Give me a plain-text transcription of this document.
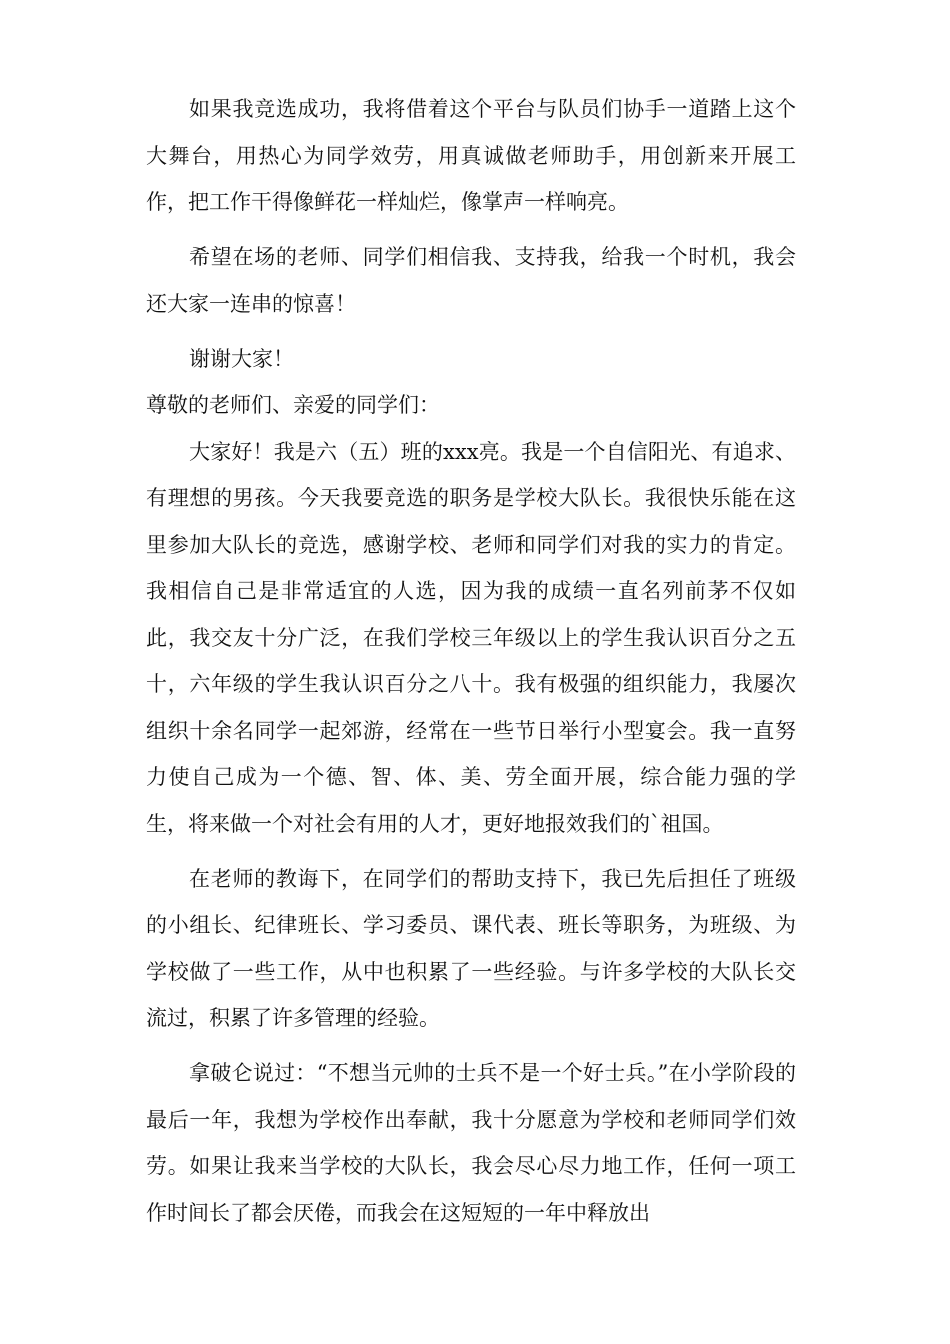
如果我竞选成功，我将借着这个平台与队员们协手一道踏上这个大舞台，用热心为同学效劳，用真诚做老师助手，用创新来开展工作，把工作干得像鲜花一样灿烂，像掌声一样响亮。

希望在场的老师、同学们相信我、支持我，给我一个时机，我会还大家一连串的惊喜！

谢谢大家！

尊敬的老师们、亲爱的同学们：

大家好！我是六（五）班的xxx亮。我是一个自信阳光、有追求、有理想的男孩。今天我要竞选的职务是学校大队长。我很快乐能在这里参加大队长的竞选，感谢学校、老师和同学们对我的实力的肯定。我相信自己是非常适宜的人选，因为我的成绩一直名列前茅不仅如此，我交友十分广泛，在我们学校三年级以上的学生我认识百分之五十，六年级的学生我认识百分之八十。我有极强的组织能力，我屡次组织十余名同学一起郊游，经常在一些节日举行小型宴会。我一直努力使自己成为一个德、智、体、美、劳全面开展，综合能力强的学生，将来做一个对社会有用的人才，更好地报效我们的`祖国。

在老师的教诲下，在同学们的帮助支持下，我已先后担任了班级的小组长、纪律班长、学习委员、课代表、班长等职务，为班级、为学校做了一些工作，从中也积累了一些经验。与许多学校的大队长交流过，积累了许多管理的经验。

拿破仑说过：“不想当元帅的士兵不是一个好士兵。”在小学阶段的最后一年，我想为学校作出奉献，我十分愿意为学校和老师同学们效劳。如果让我来当学校的大队长，我会尽心尽力地工作，任何一项工作时间长了都会厌倦，而我会在这短短的一年中释放出
